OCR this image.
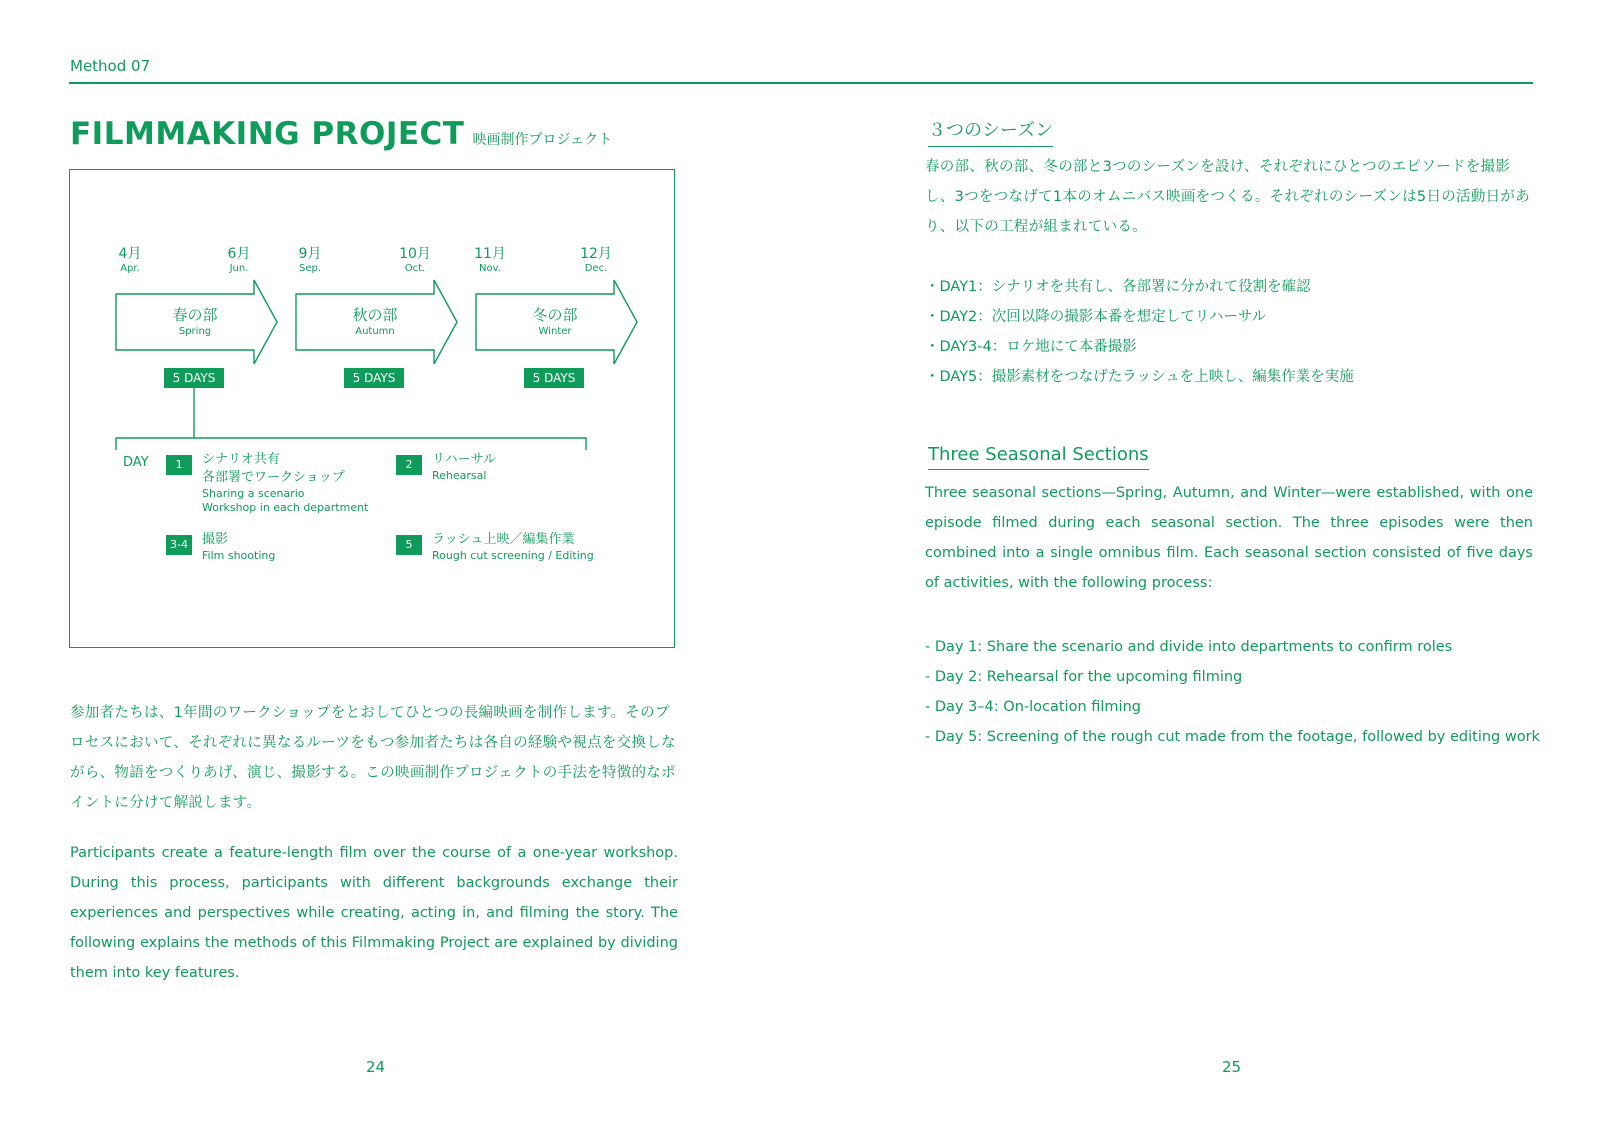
Method 07
FILMMAKING PROJECT 映画制作プロジェクト
4月
Apr.
6月
Jun.
9月
Sep.
10月
Oct.
11月
Nov.
12月
Dec.
春の部
Spring
秋の部
Autumn
冬の部
Winter
5 DAYS	5 DAYS	5 DAYS
DAY	1	シナリオ共有
各部署でワークショップ
Sharing a scenario
Workshop in each department
2	リハーサル
Rehearsal
3-4	撮影
Film shooting
5	ラッシュ上映／編集作業
Rough cut screening / Editing

参加者たちは、1年間のワークショップをとおしてひとつの長編映画を制作します。そのプロセスにおいて、それぞれに異なるルーツをもつ参加者たちは各自の経験や視点を交換しながら、物語をつくりあげ、演じ、撮影する。この映画制作プロジェクトの手法を特徴的なポイントに分けて解説します。

Participants create a feature-length film over the course of a one-year workshop. During this process, participants with different backgrounds exchange their experiences and perspectives while creating, acting in, and filming the story. The following explains the methods of this Filmmaking Project are explained by dividing them into key features.

24
３つのシーズン

春の部、秋の部、冬の部と3つのシーズンを設け、それぞれにひとつのエピソードを撮影し、3つをつなげて1本のオムニバス映画をつくる。それぞれのシーズンは5日の活動日があり、以下の工程が組まれている。

・DAY1：シナリオを共有し、各部署に分かれて役割を確認
・DAY2：次回以降の撮影本番を想定してリハーサル
・DAY3-4：ロケ地にて本番撮影
・DAY5：撮影素材をつなげたラッシュを上映し、編集作業を実施
Three Seasonal Sections

Three seasonal sections—Spring, Autumn, and Winter—were established, with one episode filmed during each seasonal section. The three episodes were then combined into a single omnibus film. Each seasonal section consisted of five days of activities, with the following process:

- Day 1: Share the scenario and divide into departments to confirm roles
- Day 2: Rehearsal for the upcoming filming
- Day 3–4: On-location filming
- Day 5: Screening of the rough cut made from the footage, followed by editing work
25
